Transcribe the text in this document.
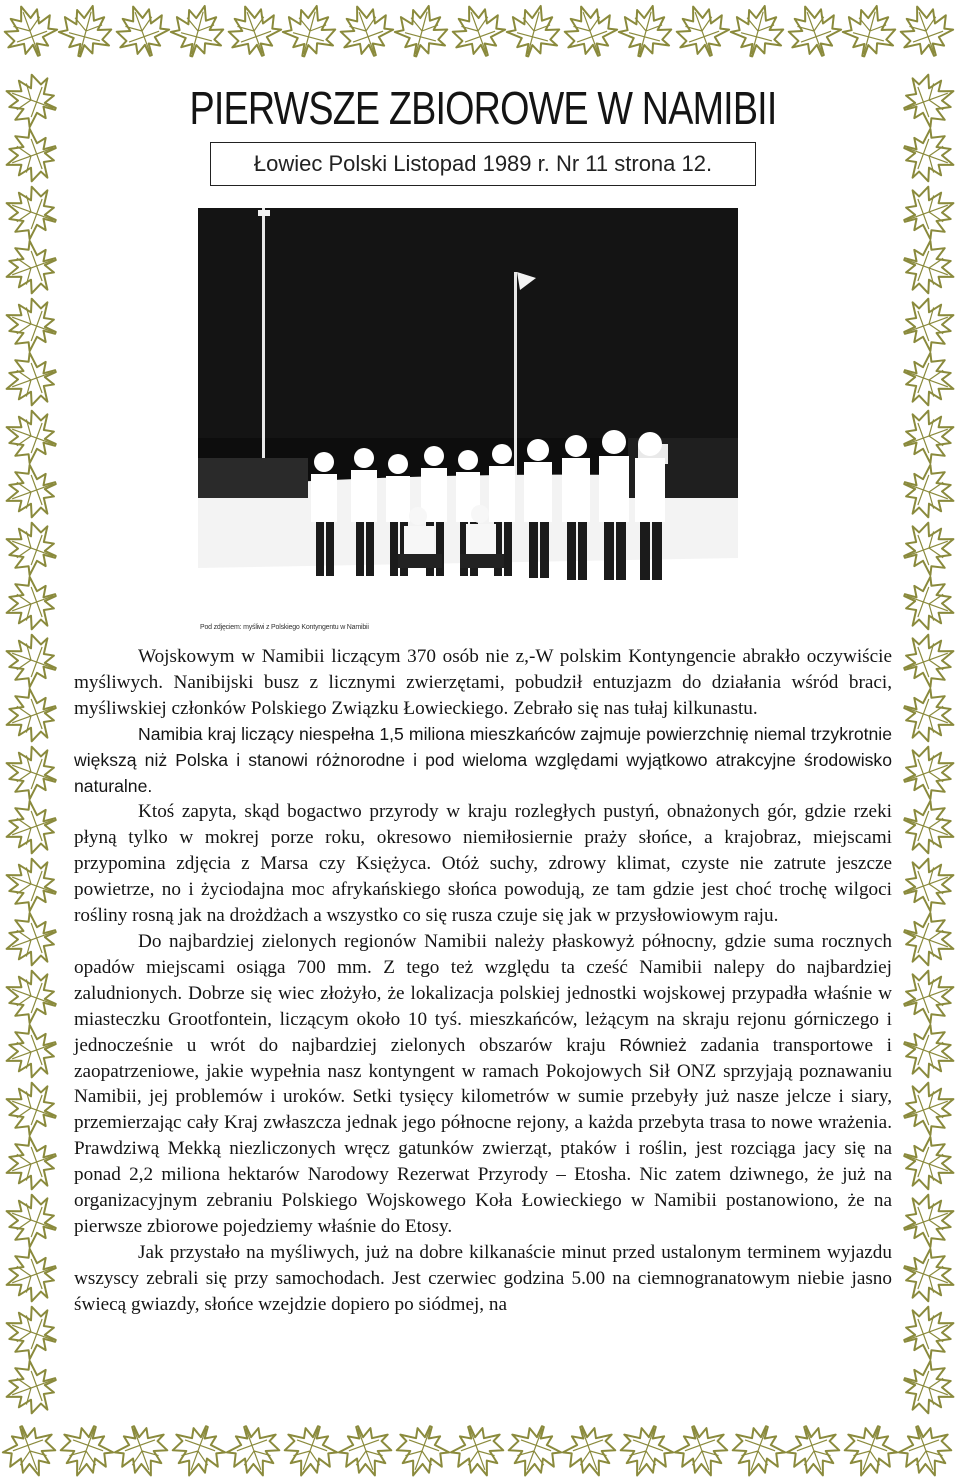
PIERWSZE ZBIOROWE W NAMIBII
Łowiec Polski Listopad 1989 r. Nr 11 strona 12.
Pod zdjęciem: myśliwi z Polskiego Kontyngentu w Namibii

Wojskowym w Namibii liczącym 370 osób nie z,-W polskim Kontyngencie abrakło oczywiście myśliwych. Nanibijski busz z licznymi zwierzętami, pobudził entuzjazm do działania wśród braci, myśliwskiej członków Polskiego Związku Łowieckiego. Zebrało się nas tułaj kilkunastu.

Namibia kraj liczący niespełna 1,5 miliona mieszkańców zajmuje powierzchnię niemal trzykrotnie większą niż Polska i stanowi różnorodne i pod wieloma względami wyjątkowo atrakcyjne środowisko naturalne.

Ktoś zapyta, skąd bogactwo przyrody w kraju rozległych pustyń, obnażonych gór, gdzie rzeki płyną tylko w mokrej porze roku, okresowo niemiłosiernie praży słońce, a krajobraz, miejscami przypomina zdjęcia z Marsa czy Księżyca. Otóż suchy, zdrowy klimat, czyste nie zatrute jeszcze powietrze, no i życiodajna moc afrykańskiego słońca powodują, ze tam gdzie jest choć trochę wilgoci rośliny rosną jak na drożdżach a wszystko co się rusza czuje się jak w przysłowiowym raju.

Do najbardziej zielonych regionów Namibii należy płaskowyż północny, gdzie suma rocznych opadów miejscami osiąga 700 mm. Z tego też względu ta cześć Namibii nalepy do najbardziej zaludnionych. Dobrze się wiec złożyło, że lokalizacja polskiej jednostki wojskowej przypadła właśnie w miasteczku Grootfontein, liczącym około 10 tyś. mieszkańców, leżącym na skraju rejonu górniczego i jednocześnie u wrót do najbardziej zielonych obszarów kraju Również zadania transportowe i zaopatrzeniowe, jakie wypełnia nasz kontyngent w ramach Pokojowych Sił ONZ sprzyjają poznawaniu Namibii, jej problemów i uroków. Setki tysięcy kilometrów w sumie przebyły już nasze jelcze i siary, przemierzając cały Kraj zwłaszcza jednak jego północne rejony, a każda przebyta trasa to nowe wrażenia. Prawdziwą Mekką niezliczonych wręcz gatunków zwierząt, ptaków i roślin, jest rozciąga jacy się na ponad 2,2 miliona hektarów Narodowy Rezerwat Przyrody – Etosha. Nic zatem dziwnego, że już na organizacyjnym zebraniu Polskiego Wojskowego Koła Łowieckiego w Namibii postanowiono, że na pierwsze zbiorowe pojedziemy właśnie do Etosy.

Jak przystało na myśliwych, już na dobre kilkanaście minut przed ustalonym terminem wyjazdu wszyscy zebrali się przy samochodach. Jest czerwiec godzina 5.00 na ciemnogranatowym niebie jasno świecą gwiazdy, słońce wzejdzie dopiero po siódmej, na
